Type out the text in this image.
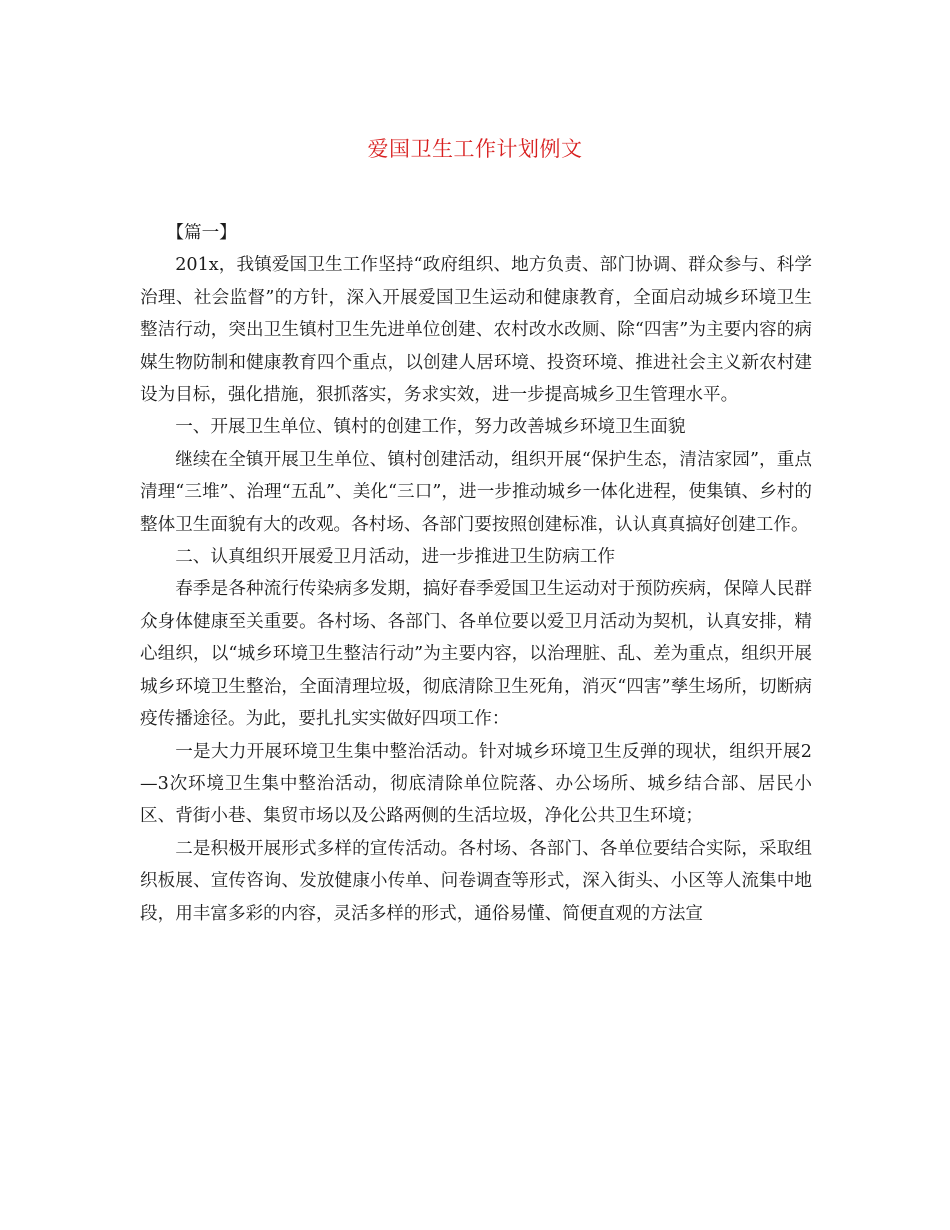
爱国卫生工作计划例文

【篇一】

201x，我镇爱国卫生工作坚持“政府组织、地方负责、部门协调、群众参与、科学治理、社会监督”的方针，深入开展爱国卫生运动和健康教育，全面启动城乡环境卫生整洁行动，突出卫生镇村卫生先进单位创建、农村改水改厕、除“四害”为主要内容的病媒生物防制和健康教育四个重点，以创建人居环境、投资环境、推进社会主义新农村建设为目标，强化措施，狠抓落实，务求实效，进一步提高城乡卫生管理水平。

一、开展卫生单位、镇村的创建工作，努力改善城乡环境卫生面貌

继续在全镇开展卫生单位、镇村创建活动，组织开展“保护生态，清洁家园”，重点清理“三堆”、治理“五乱”、美化“三口”，进一步推动城乡一体化进程，使集镇、乡村的整体卫生面貌有大的改观。各村场、各部门要按照创建标准，认认真真搞好创建工作。

二、认真组织开展爱卫月活动，进一步推进卫生防病工作

春季是各种流行传染病多发期，搞好春季爱国卫生运动对于预防疾病，保障人民群众身体健康至关重要。各村场、各部门、各单位要以爱卫月活动为契机，认真安排，精心组织，以“城乡环境卫生整洁行动”为主要内容，以治理脏、乱、差为重点，组织开展城乡环境卫生整治，全面清理垃圾，彻底清除卫生死角，消灭“四害”孳生场所，切断病疫传播途径。为此，要扎扎实实做好四项工作：

一是大力开展环境卫生集中整治活动。针对城乡环境卫生反弹的现状，组织开展2—3次环境卫生集中整治活动，彻底清除单位院落、办公场所、城乡结合部、居民小区、背街小巷、集贸市场以及公路两侧的生活垃圾，净化公共卫生环境；

二是积极开展形式多样的宣传活动。各村场、各部门、各单位要结合实际，采取组织板展、宣传咨询、发放健康小传单、问卷调查等形式，深入街头、小区等人流集中地段，用丰富多彩的内容，灵活多样的形式，通俗易懂、简便直观的方法宣
